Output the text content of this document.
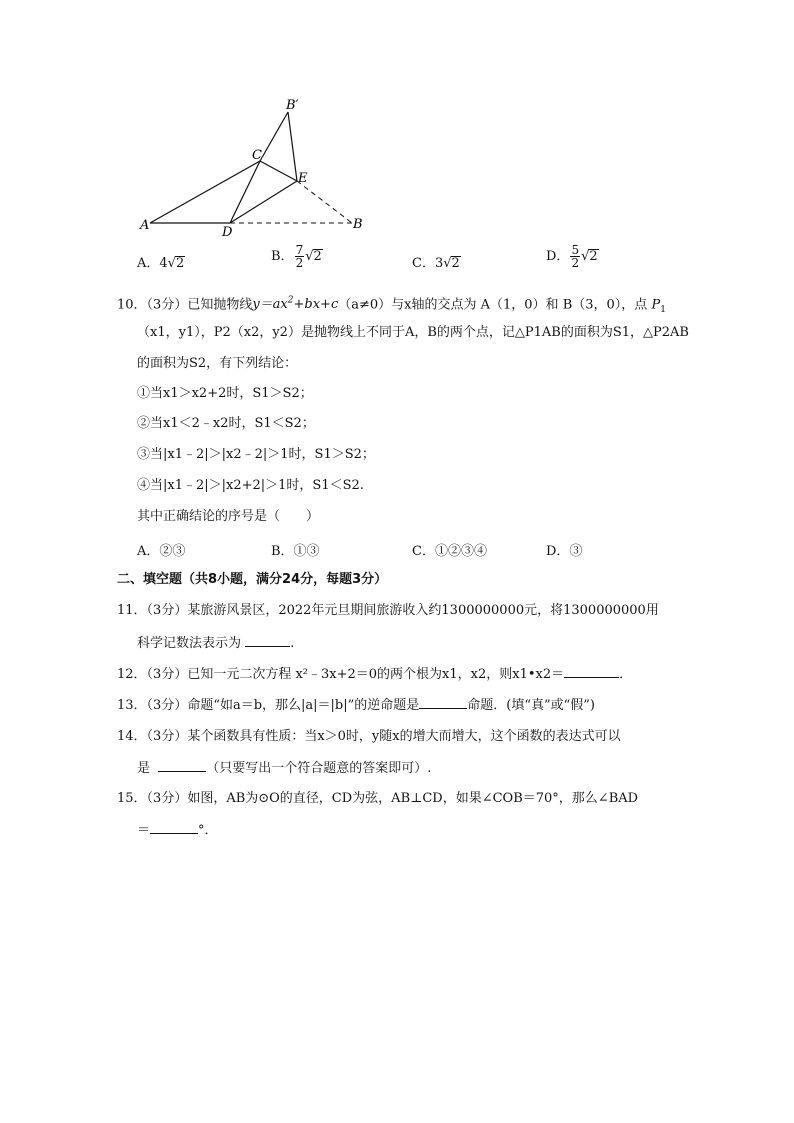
B′
C
E
A	D
B
A．4√2	B． $\frac{7}{2} √2$	C．3√2	D． $\frac{5}{2} √2$
10．（3分）已知抛物线$y=ax^2+bx+c(a\ne 0)$与x轴的交点为 A（1，0）和 B（3，0），点 $P_1$
（x1，y1），P2（x2，y2）是抛物线上不同于A，B的两个点，记△P1AB的面积为S1，△P2AB
的面积为S2，有下列结论：
①当x1＞x2+2时，S1＞S2；
②当x1＜2﹣x2时，S1＜S2；
③当|x1﹣2|＞|x2﹣2|＞1时，S1＞S2；
④当|x1﹣2|＞|x2+2|＞1时，S1＜S2.
其中正确结论的序号是（　　）
A．②③	B．①③	C．①②③④	D．③
二、填空题（共8小题，满分24分，每题3分）
11．（3分）某旅游风景区，2022年元旦期间旅游收入约1300000000元，将1300000000用
科学记数法表示为	.
12．（3分）已知一元二次方程 x²﹣3x+2＝0的两个根为x1，x2，则x1•x2＝	．
13．（3分）命题“如a＝b，那么|a|＝|b|”的逆命题是	命题．(填“真”或“假”)
14．（3分）某个函数具有性质：当x＞0时，y随x的增大而增大，这个函数的表达式可以
是	（只要写出一个符合题意的答案即可）.
15．（3分）如图，AB为⊙O的直径，CD为弦，AB⊥CD，如果∠COB＝70°，那么∠BAD
＝	°．
